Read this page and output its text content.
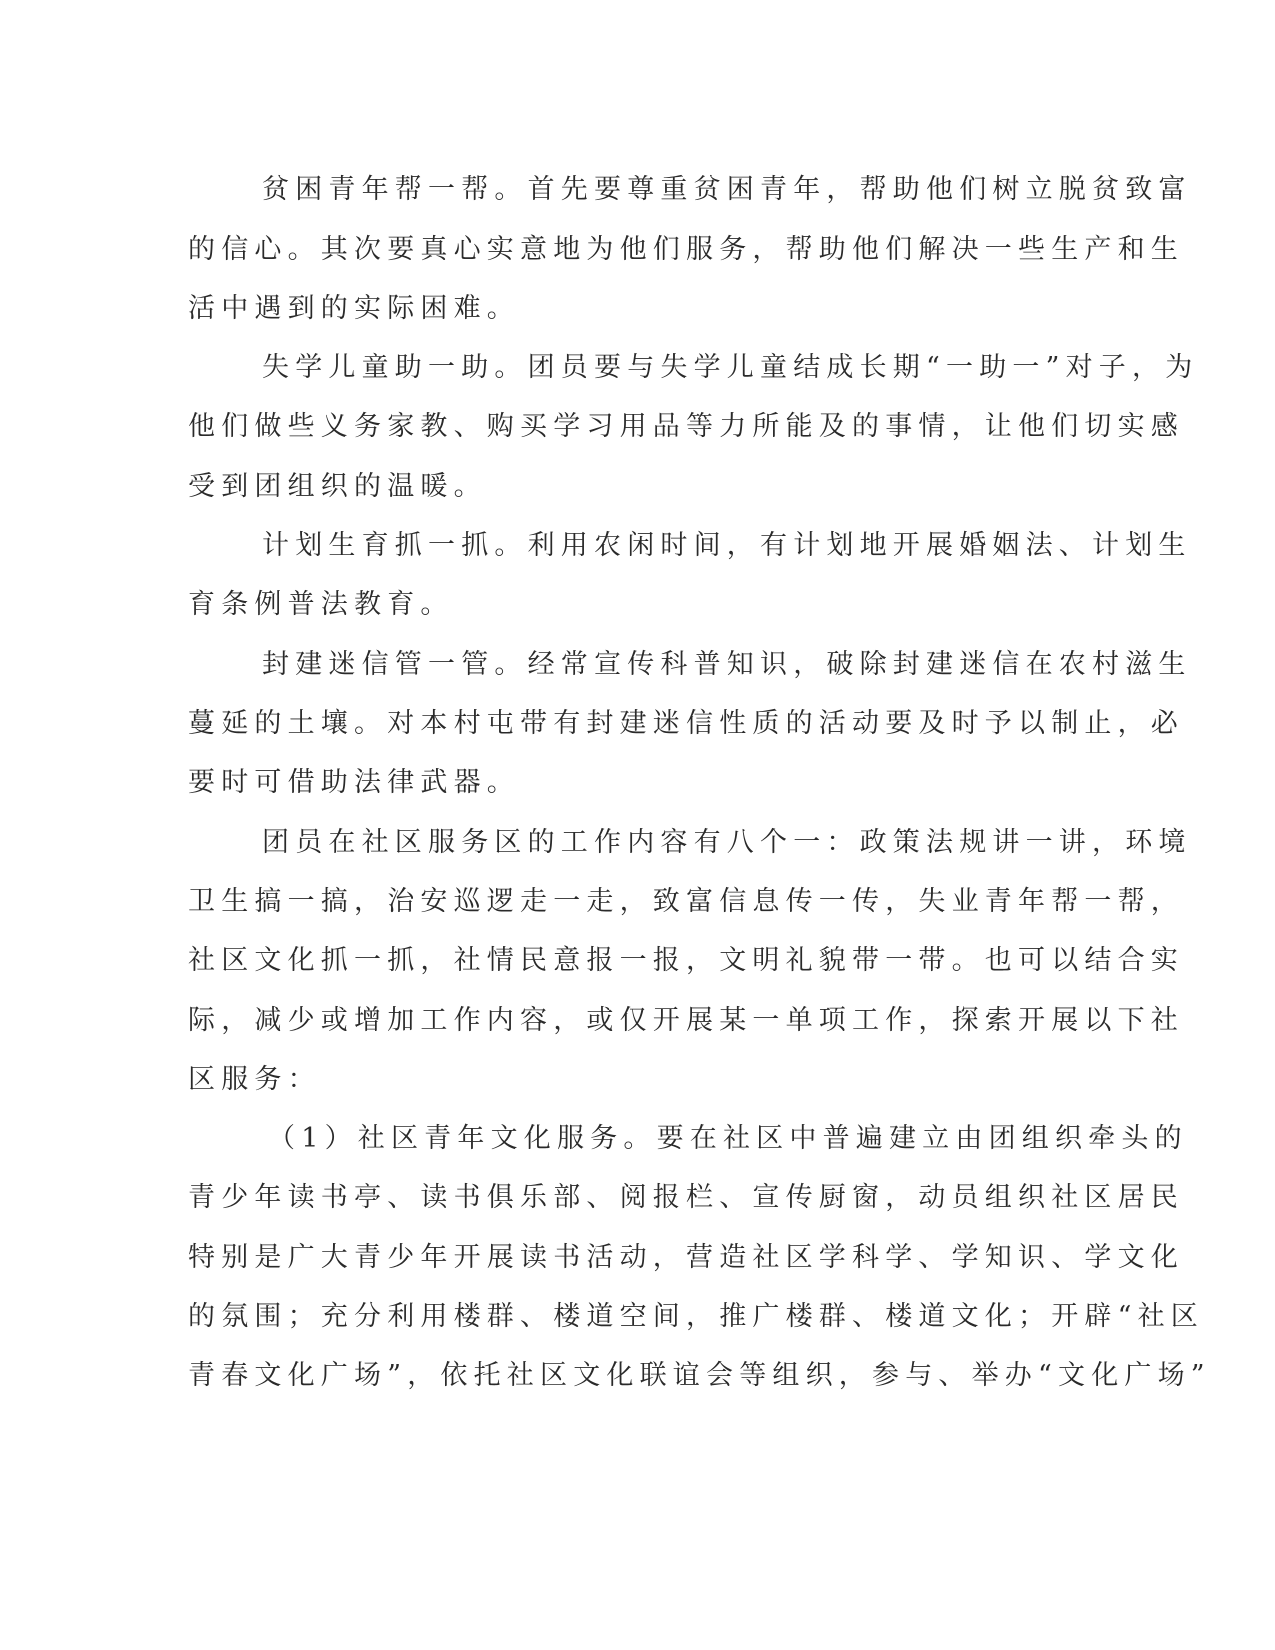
贫困青年帮一帮。首先要尊重贫困青年，帮助他们树立脱贫致富
的信心。其次要真心实意地为他们服务，帮助他们解决一些生产和生
活中遇到的实际困难。
失学儿童助一助。团员要与失学儿童结成长期“一助一”对子，为
他们做些义务家教、购买学习用品等力所能及的事情，让他们切实感
受到团组织的温暖。
计划生育抓一抓。利用农闲时间，有计划地开展婚姻法、计划生
育条例普法教育。
封建迷信管一管。经常宣传科普知识，破除封建迷信在农村滋生
蔓延的土壤。对本村屯带有封建迷信性质的活动要及时予以制止，必
要时可借助法律武器。
团员在社区服务区的工作内容有八个一：政策法规讲一讲，环境
卫生搞一搞，治安巡逻走一走，致富信息传一传，失业青年帮一帮，
社区文化抓一抓，社情民意报一报，文明礼貌带一带。也可以结合实
际，减少或增加工作内容，或仅开展某一单项工作，探索开展以下社
区服务：
（1）社区青年文化服务。要在社区中普遍建立由团组织牵头的
青少年读书亭、读书俱乐部、阅报栏、宣传厨窗，动员组织社区居民
特别是广大青少年开展读书活动，营造社区学科学、学知识、学文化
的氛围；充分利用楼群、楼道空间，推广楼群、楼道文化；开辟“社区
青春文化广场”，依托社区文化联谊会等组织，参与、举办“文化广场”
